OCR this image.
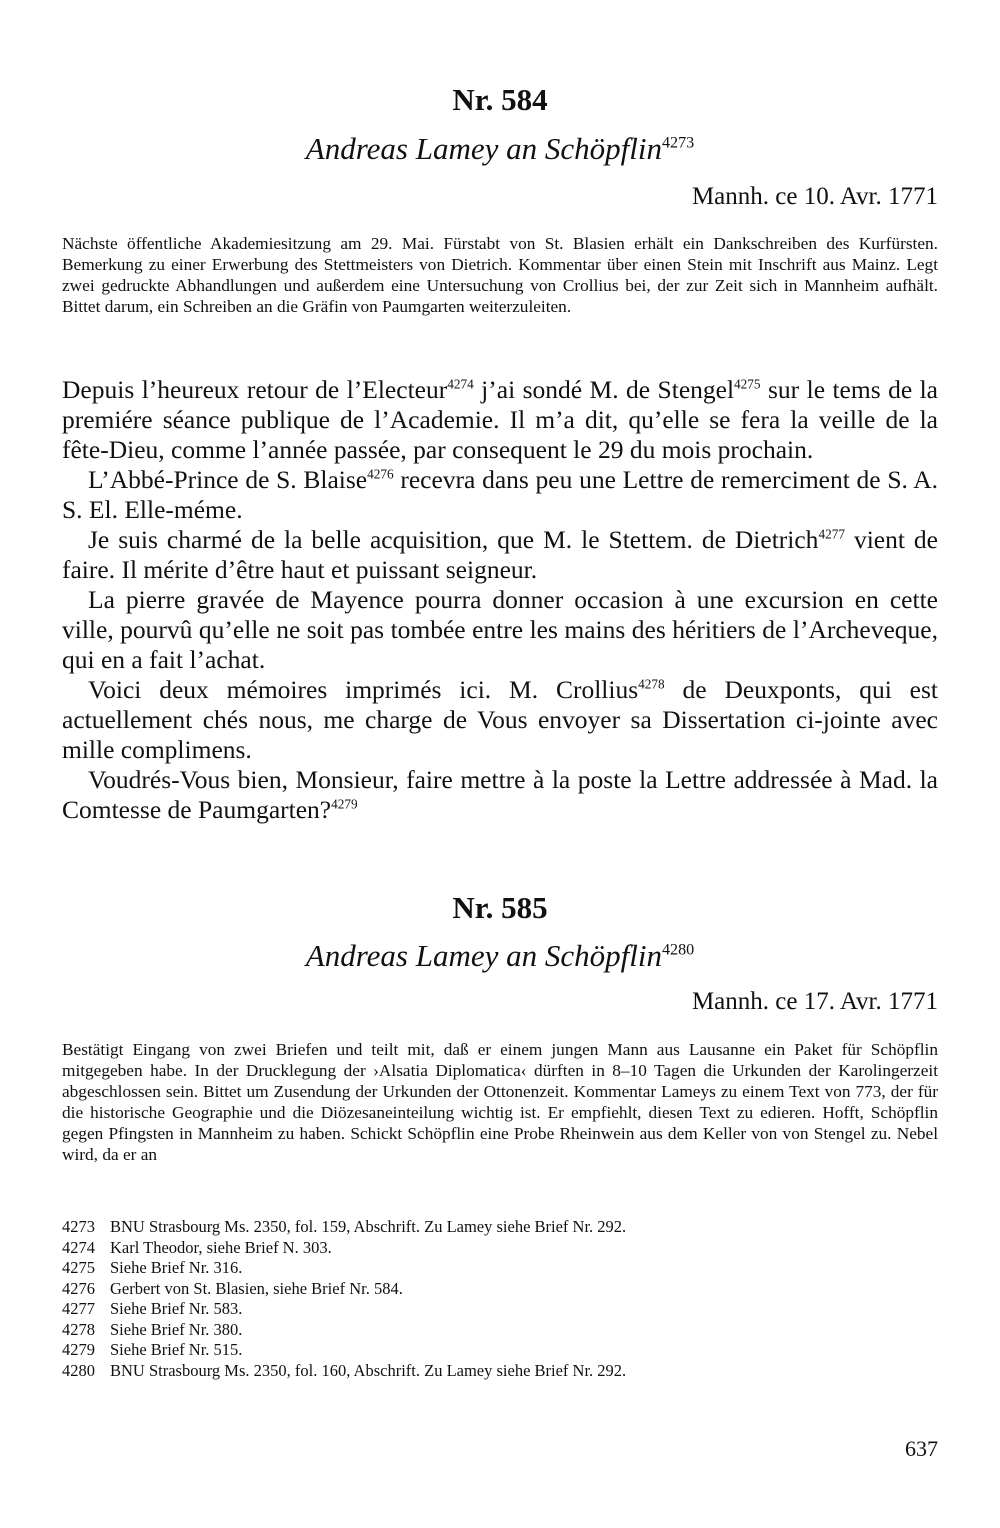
Nr. 584
Andreas Lamey an Schöpflin$^{4273}$
Mannh. ce 10. Avr. 1771
Nächste öffentliche Akademiesitzung am 29. Mai. Fürstabt von St. Blasien erhält ein Dankschreiben des Kurfürsten. Bemerkung zu einer Erwerbung des Stettmeisters von Dietrich. Kommentar über einen Stein mit Inschrift aus Mainz. Legt zwei gedruckte Abhandlungen und außerdem eine Untersuchung von Crollius bei, der zur Zeit sich in Mannheim aufhält. Bittet darum, ein Schreiben an die Gräfin von Paumgarten weiterzuleiten.

Depuis l’heureux retour de l’Electeur$^{4274}$ j’ai sondé M. de Stengel$^{4275}$ sur le tems de la premiére séance publique de l’Academie. Il m’a dit, qu’elle se fera la veille de la fête-Dieu, comme l’année passée, par consequent le 29 du mois prochain.

L’Abbé-Prince de S. Blaise$^{4276}$ recevra dans peu une Lettre de remerciment de S. A. S. El. Elle-méme.

Je suis charmé de la belle acquisition, que M. le Stettem. de Dietrich$^{4277}$ vient de faire. Il mérite d’être haut et puissant seigneur.

La pierre gravée de Mayence pourra donner occasion à une excursion en cette ville, pourvû qu’elle ne soit pas tombée entre les mains des héritiers de l’Archeveque, qui en a fait l’achat.

Voici deux mémoires imprimés ici. M. Crollius$^{4278}$ de Deuxponts, qui est actuellement chés nous, me charge de Vous envoyer sa Dissertation ci-jointe avec mille complimens.

Voudrés-Vous bien, Monsieur, faire mettre à la poste la Lettre addressée à Mad. la Comtesse de Paumgarten?$^{4279}$

Nr. 585
Andreas Lamey an Schöpflin$^{4280}$
Mannh. ce 17. Avr. 1771
Bestätigt Eingang von zwei Briefen und teilt mit, daß er einem jungen Mann aus Lausanne ein Paket für Schöpflin mitgegeben habe. In der Drucklegung der ›Alsatia Diplomatica‹ dürften in 8–10 Tagen die Urkunden der Karolingerzeit abgeschlossen sein. Bittet um Zusendung der Urkunden der Ottonenzeit. Kommentar Lameys zu einem Text von 773, der für die historische Geographie und die Diözesaneinteilung wichtig ist. Er empfiehlt, diesen Text zu edieren. Hofft, Schöpflin gegen Pfingsten in Mannheim zu haben. Schickt Schöpflin eine Probe Rheinwein aus dem Keller von von Stengel zu. Nebel wird, da er an
4273 BNU Strasbourg Ms. 2350, fol. 159, Abschrift. Zu Lamey siehe Brief Nr. 292.
4274 Karl Theodor, siehe Brief N. 303.
4275 Siehe Brief Nr. 316.
4276 Gerbert von St. Blasien, siehe Brief Nr. 584.
4277 Siehe Brief Nr. 583.
4278 Siehe Brief Nr. 380.
4279 Siehe Brief Nr. 515.
4280 BNU Strasbourg Ms. 2350, fol. 160, Abschrift. Zu Lamey siehe Brief Nr. 292.
637
